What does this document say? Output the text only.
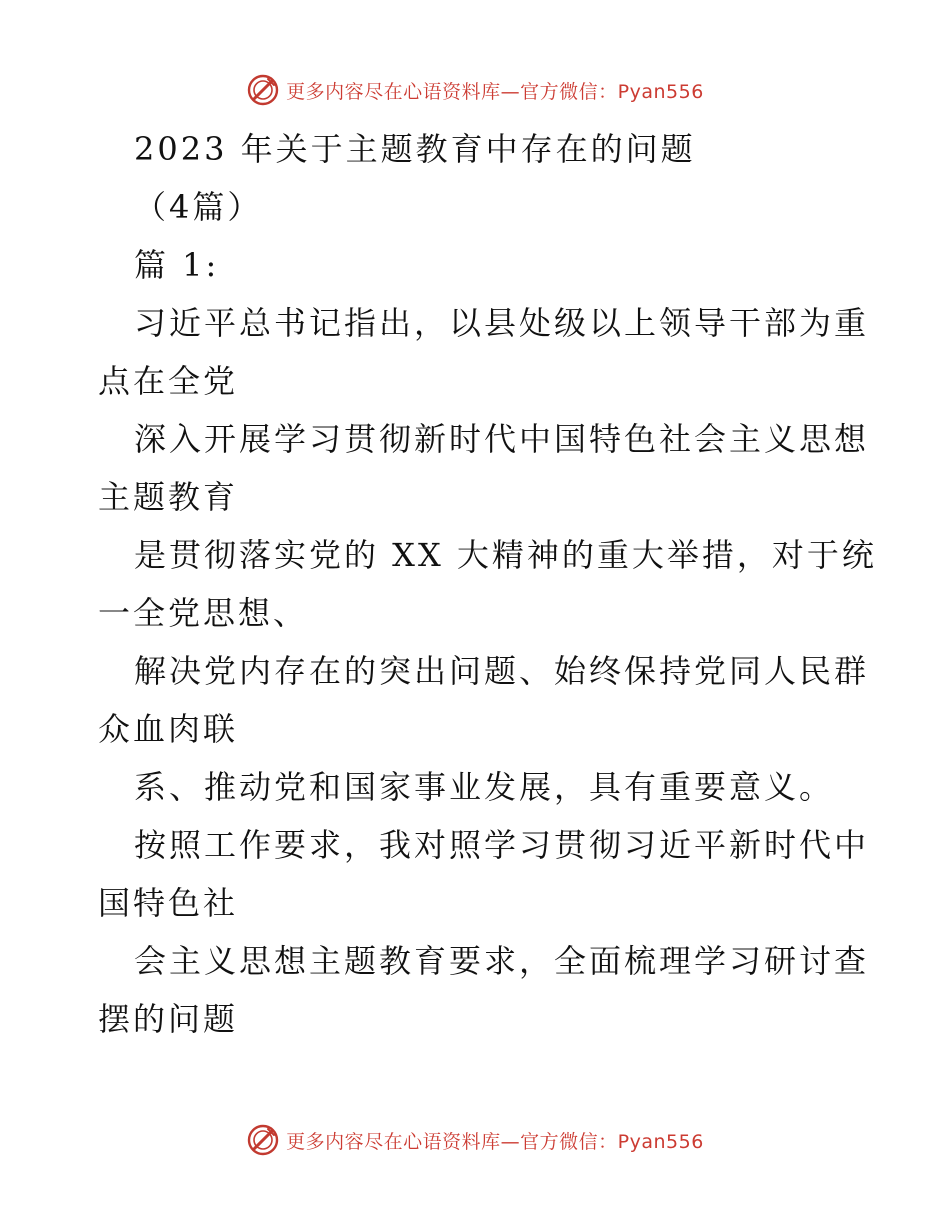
更多内容尽在心语资料库—官方微信：Pyan556
2023 年关于主题教育中存在的问题
（4篇）
篇 1:
习近平总书记指出，以县处级以上领导干部为重
点在全党
深入开展学习贯彻新时代中国特色社会主义思想
主题教育
是贯彻落实党的 XX 大精神的重大举措，对于统
一全党思想、
解决党内存在的突出问题、始终保持党同人民群
众血肉联
系、推动党和国家事业发展，具有重要意义。
按照工作要求，我对照学习贯彻习近平新时代中
国特色社
会主义思想主题教育要求，全面梳理学习研讨查
摆的问题
更多内容尽在心语资料库—官方微信：Pyan556
